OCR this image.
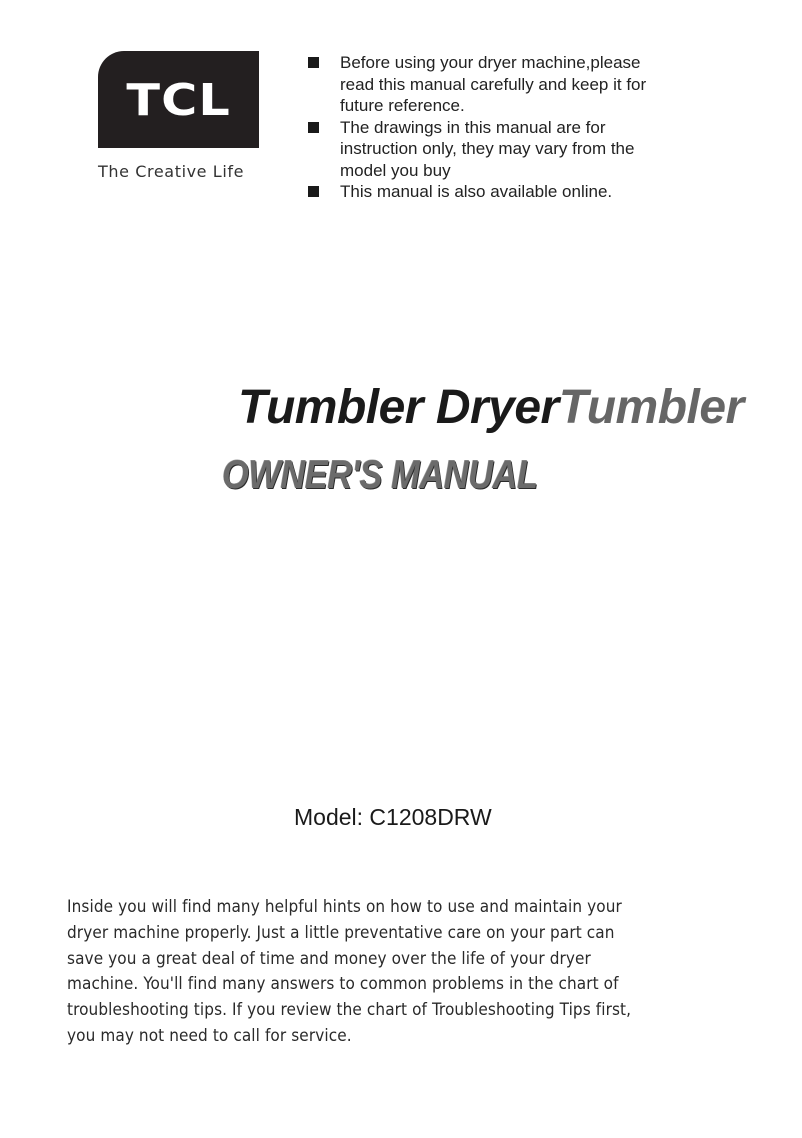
TCL
The Creative Life
Before using your dryer machine,please
read this manual carefully and keep it for
future reference.
The drawings in this manual are for
instruction only, they may vary from the
model you buy
This manual is also available online.
Tumbler DryerTumbler
OWNER'S MANUAL
Model: C1208DRW

Inside you will find many helpful hints on how to use and maintain your
dryer machine properly. Just a little preventative care on your part can
save you a great deal of time and money over the life of your dryer
machine. You'll find many answers to common problems in the chart of
troubleshooting tips. If you review the chart of Troubleshooting Tips first,
you may not need to call for service.
